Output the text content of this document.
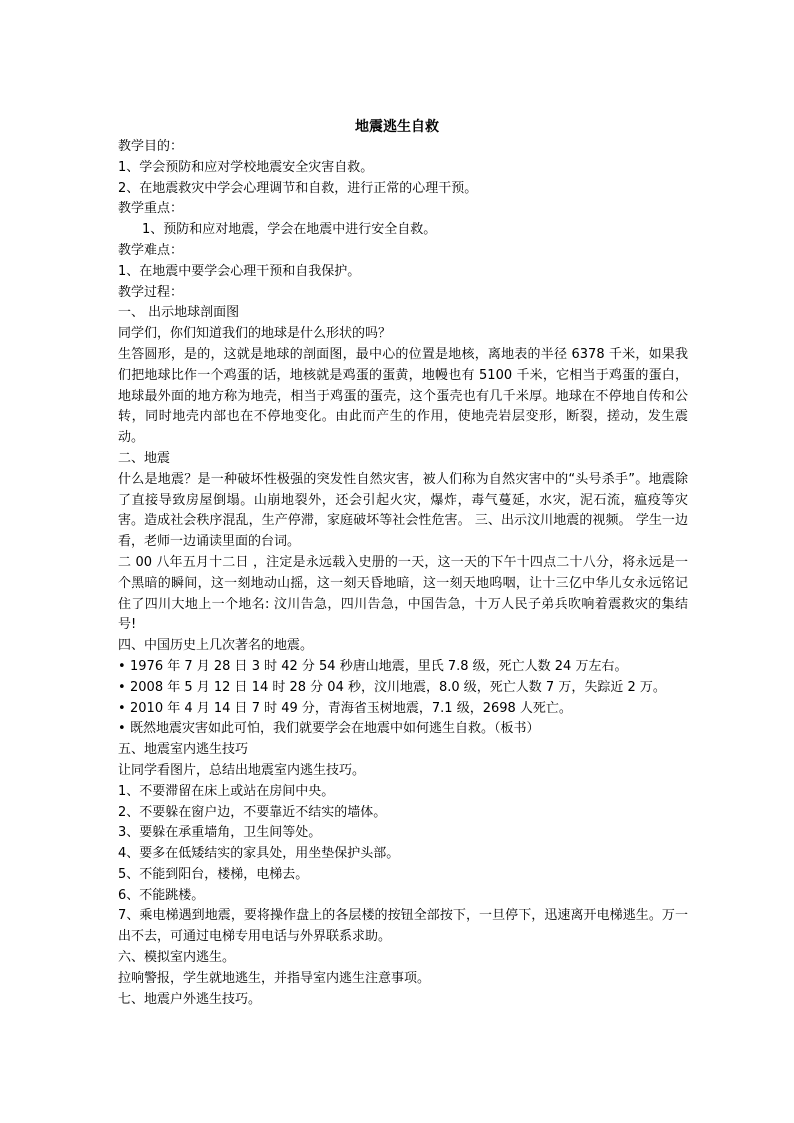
地震逃生自救

教学目的：

1、学会预防和应对学校地震安全灾害自救。

2、在地震救灾中学会心理调节和自救，进行正常的心理干预。

教学重点：

1、预防和应对地震，学会在地震中进行安全自救。

教学难点：

1、在地震中要学会心理干预和自我保护。

教学过程：

一、 出示地球剖面图

同学们，你们知道我们的地球是什么形状的吗？

生答圆形，是的，这就是地球的剖面图，最中心的位置是地核，离地表的半径 6378 千米，如果我们把地球比作一个鸡蛋的话，地核就是鸡蛋的蛋黄，地幔也有 5100 千米，它相当于鸡蛋的蛋白，地球最外面的地方称为地壳，相当于鸡蛋的蛋壳，这个蛋壳也有几千米厚。地球在不停地自传和公转，同时地壳内部也在不停地变化。由此而产生的作用，使地壳岩层变形，断裂，搓动，发生震动。

二、地震

什么是地震？是一种破坏性极强的突发性自然灾害，被人们称为自然灾害中的“头号杀手”。地震除了直接导致房屋倒塌。山崩地裂外，还会引起火灾，爆炸，毒气蔓延，水灾，泥石流，瘟疫等灾害。造成社会秩序混乱，生产停滞，家庭破坏等社会性危害。 三、出示汶川地震的视频。 学生一边看，老师一边诵读里面的台词。

二 00 八年五月十二日 ，注定是永远载入史册的一天，这一天的下午十四点二十八分，将永远是一个黑暗的瞬间，这一刻地动山摇，这一刻天昏地暗，这一刻天地呜咽，让十三亿中华儿女永远铭记住了四川大地上一个地名: 汶川告急，四川告急，中国告急，十万人民子弟兵吹响着震救灾的集结号!

四、中国历史上几次著名的地震。

• 1976 年 7 月 28 日 3 时 42 分 54 秒唐山地震，里氏 7.8 级，死亡人数 24 万左右。

• 2008 年 5 月 12 日 14 时 28 分 04 秒，汶川地震，8.0 级，死亡人数 7 万，失踪近 2 万。

• 2010 年 4 月 14 日 7 时 49 分，青海省玉树地震，7.1 级，2698 人死亡。

• 既然地震灾害如此可怕，我们就要学会在地震中如何逃生自救。（板书）

五、地震室内逃生技巧

让同学看图片，总结出地震室内逃生技巧。

1、不要滞留在床上或站在房间中央。

2、不要躲在窗户边，不要靠近不结实的墙体。

3、要躲在承重墙角，卫生间等处。

4、要多在低矮结实的家具处，用坐垫保护头部。

5、不能到阳台，楼梯，电梯去。

6、不能跳楼。

7、乘电梯遇到地震，要将操作盘上的各层楼的按钮全部按下，一旦停下，迅速离开电梯逃生。万一出不去，可通过电梯专用电话与外界联系求助。

六、模拟室内逃生。

拉响警报，学生就地逃生，并指导室内逃生注意事项。

七、地震户外逃生技巧。
